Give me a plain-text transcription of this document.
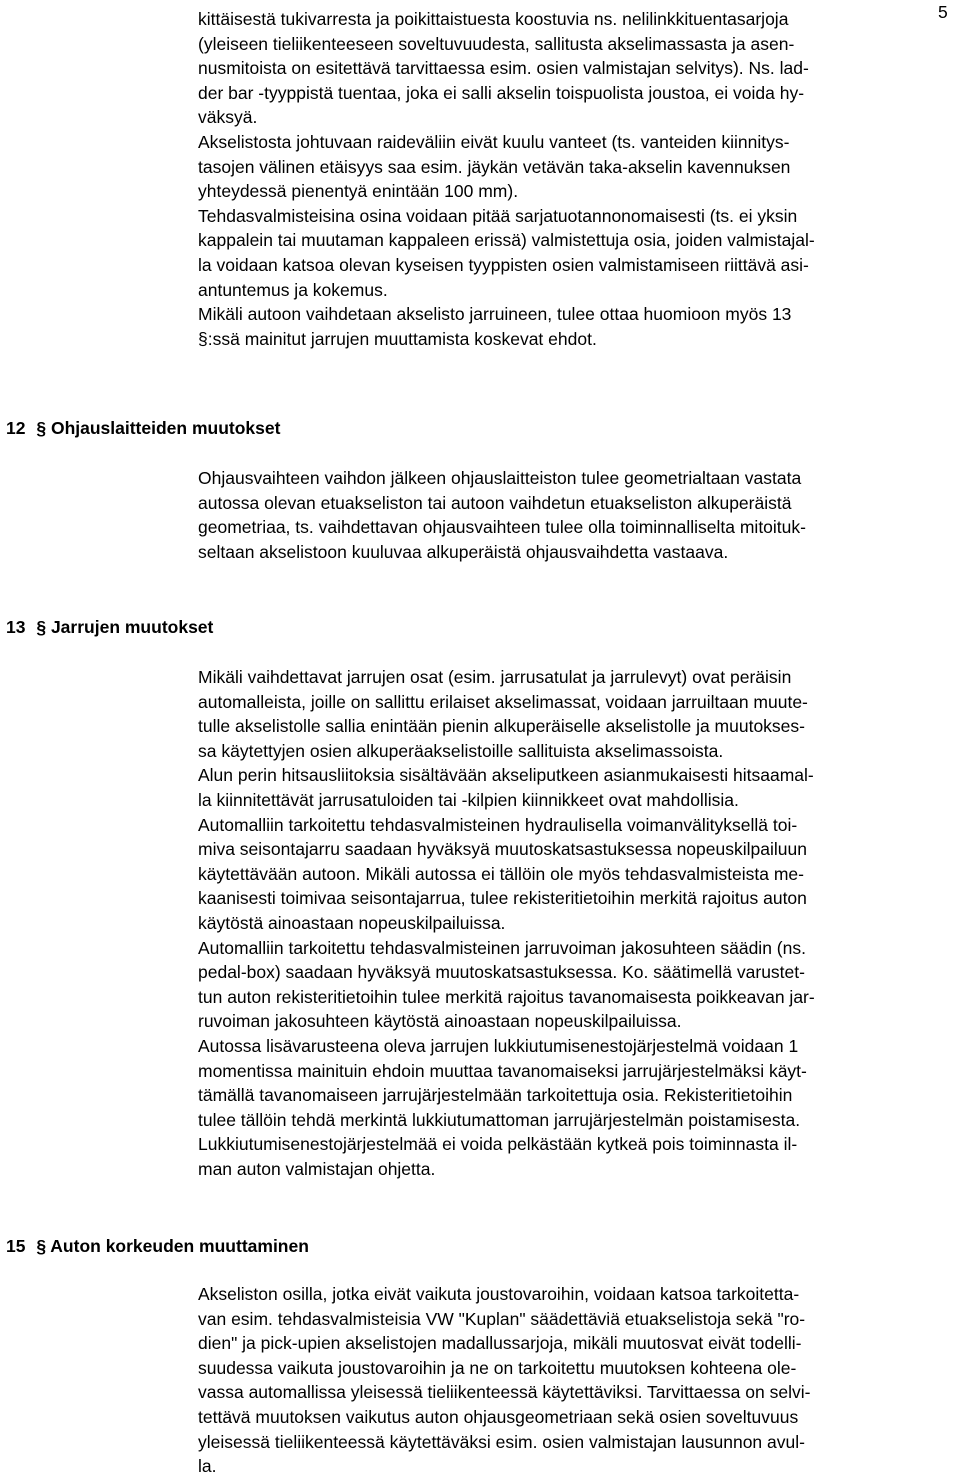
5
kittäisestä tukivarresta ja poikittaistuesta koostuvia ns. nelilinkkituentasarjoja
(yleiseen tieliikenteeseen soveltuvuudesta, sallitusta akselimassasta ja asen-
nusmitoista on esitettävä tarvittaessa esim. osien valmistajan selvitys). Ns. lad-
der bar -tyyppistä tuentaa, joka ei salli akselin toispuolista joustoa, ei voida hy-
väksyä.
Akselistosta johtuvaan raideväliin eivät kuulu vanteet (ts. vanteiden kiinnitys-
tasojen välinen etäisyys saa esim. jäykän vetävän taka-akselin kavennuksen
yhteydessä pienentyä enintään 100 mm).
Tehdasvalmisteisina osina voidaan pitää sarjatuotannonomaisesti (ts. ei yksin
kappalein tai muutaman kappaleen erissä) valmistettuja osia, joiden valmistajal-
la voidaan katsoa olevan kyseisen tyyppisten osien valmistamiseen riittävä asi-
antuntemus ja kokemus.
Mikäli autoon vaihdetaan akselisto jarruineen, tulee ottaa huomioon myös 13
§:ssä mainitut jarrujen muuttamista koskevat ehdot.
12 § Ohjauslaitteiden muutokset
Ohjausvaihteen vaihdon jälkeen ohjauslaitteiston tulee geometrialtaan vastata
autossa olevan etuakseliston tai autoon vaihdetun etuakseliston alkuperäistä
geometriaa, ts. vaihdettavan ohjausvaihteen tulee olla toiminnalliselta mitoituk-
seltaan akselistoon kuuluvaa alkuperäistä ohjausvaihdetta vastaava.
13 § Jarrujen muutokset
Mikäli vaihdettavat jarrujen osat (esim. jarrusatulat ja jarrulevyt) ovat peräisin
automalleista, joille on sallittu erilaiset akselimassat, voidaan jarruiltaan muute-
tulle akselistolle sallia enintään pienin alkuperäiselle akselistolle ja muutokses-
sa käytettyjen osien alkuperäakselistoille sallituista akselimassoista.
Alun perin hitsausliitoksia sisältävään akseliputkeen asianmukaisesti hitsaamal-
la kiinnitettävät jarrusatuloiden tai -kilpien kiinnikkeet ovat mahdollisia.
Automalliin tarkoitettu tehdasvalmisteinen hydraulisella voimanvälityksellä toi-
miva seisontajarru saadaan hyväksyä muutoskatsastuksessa nopeuskilpailuun
käytettävään autoon. Mikäli autossa ei tällöin ole myös tehdasvalmisteista me-
kaanisesti toimivaa seisontajarrua, tulee rekisteritietoihin merkitä rajoitus auton
käytöstä ainoastaan nopeuskilpailuissa.
Automalliin tarkoitettu tehdasvalmisteinen jarruvoiman jakosuhteen säädin (ns.
pedal-box) saadaan hyväksyä muutoskatsastuksessa. Ko. säätimellä varustet-
tun auton rekisteritietoihin tulee merkitä rajoitus tavanomaisesta poikkeavan jar-
ruvoiman jakosuhteen käytöstä ainoastaan nopeuskilpailuissa.
Autossa lisävarusteena oleva jarrujen lukkiutumisenestojärjestelmä voidaan 1
momentissa mainituin ehdoin muuttaa tavanomaiseksi jarrujärjestelmäksi käyt-
tämällä tavanomaiseen jarrujärjestelmään tarkoitettuja osia. Rekisteritietoihin
tulee tällöin tehdä merkintä lukkiutumattoman jarrujärjestelmän poistamisesta.
Lukkiutumisenestojärjestelmää ei voida pelkästään kytkeä pois toiminnasta il-
man auton valmistajan ohjetta.
15 § Auton korkeuden muuttaminen
Akseliston osilla, jotka eivät vaikuta joustovaroihin, voidaan katsoa tarkoitetta-
van esim. tehdasvalmisteisia VW "Kuplan" säädettäviä etuakselistoja sekä "ro-
dien" ja pick-upien akselistojen madallussarjoja, mikäli muutosvat eivät todelli-
suudessa vaikuta joustovaroihin ja ne on tarkoitettu muutoksen kohteena ole-
vassa automallissa yleisessä tieliikenteessä käytettäviksi. Tarvittaessa on selvi-
tettävä muutoksen vaikutus auton ohjausgeometriaan sekä osien soveltuvuus
yleisessä tieliikenteessä käytettäväksi esim. osien valmistajan lausunnon avul-
la.
